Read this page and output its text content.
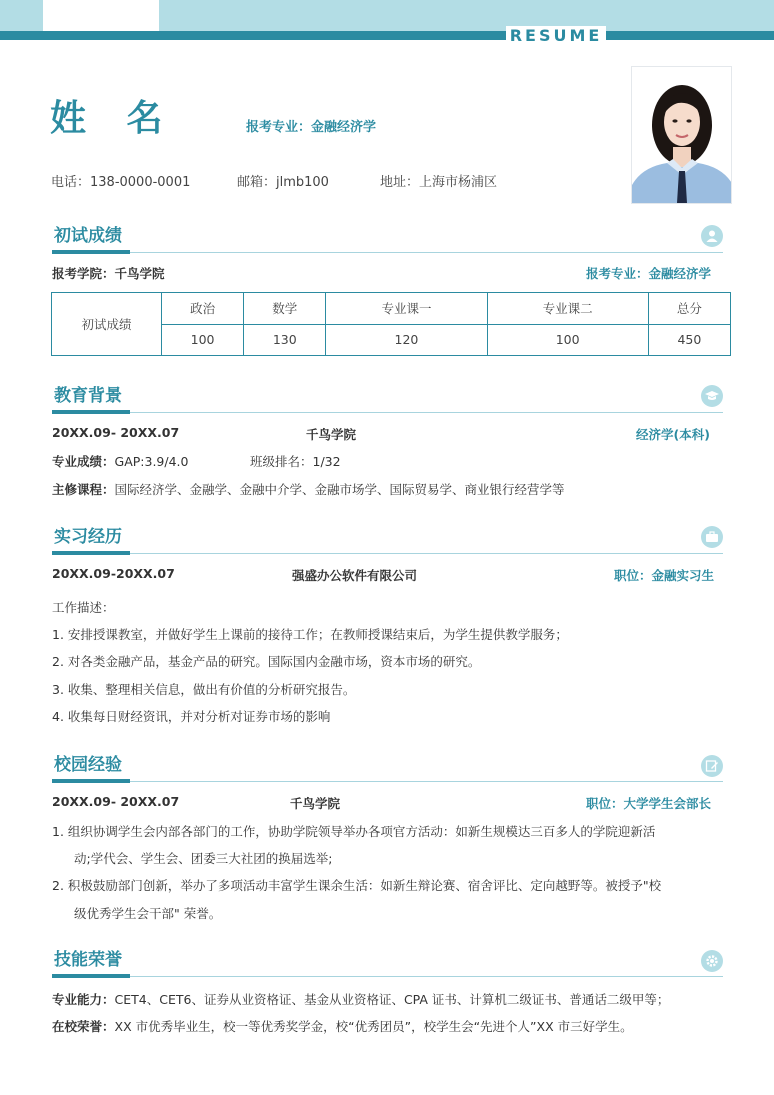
RESUME
姓 名	报考专业：金融经济学
电话：138-0000-0001	邮箱：jlmb100	地址：上海市杨浦区
初试成绩
报考学院：千鸟学院	报考专业：金融经济学
初试成绩	政治	数学	专业课一	专业课二	总分
	100	130	120	100	450
教育背景
20XX.09- 20XX.07	千鸟学院	经济学(本科)
专业成绩：GAP:3.9/4.0	班级排名：1/32
主修课程：国际经济学、金融学、金融中介学、金融市场学、国际贸易学、商业银行经营学等
实习经历
20XX.09-20XX.07	强盛办公软件有限公司	职位：金融实习生
工作描述：
1. 安排授课教室，并做好学生上课前的接待工作；在教师授课结束后，为学生提供教学服务；
2. 对各类金融产品，基金产品的研究。国际国内金融市场，资本市场的研究。
3. 收集、整理相关信息，做出有价值的分析研究报告。
4. 收集每日财经资讯，并对分析对证券市场的影响
校园经验
20XX.09- 20XX.07	千鸟学院	职位：大学学生会部长
1. 组织协调学生会内部各部门的工作，协助学院领导举办各项官方活动：如新生规模达三百多人的学院迎新活
动;学代会、学生会、团委三大社团的换届选举;
2. 积极鼓励部门创新，举办了多项活动丰富学生课余生活：如新生辩论赛、宿舍评比、定向越野等。被授予"校
级优秀学生会干部" 荣誉。
技能荣誉
专业能力：CET4、CET6、证券从业资格证、基金从业资格证、CPA 证书、计算机二级证书、普通话二级甲等；
在校荣誉：XX 市优秀毕业生，校一等优秀奖学金，校“优秀团员”，校学生会“先进个人”XX 市三好学生。
